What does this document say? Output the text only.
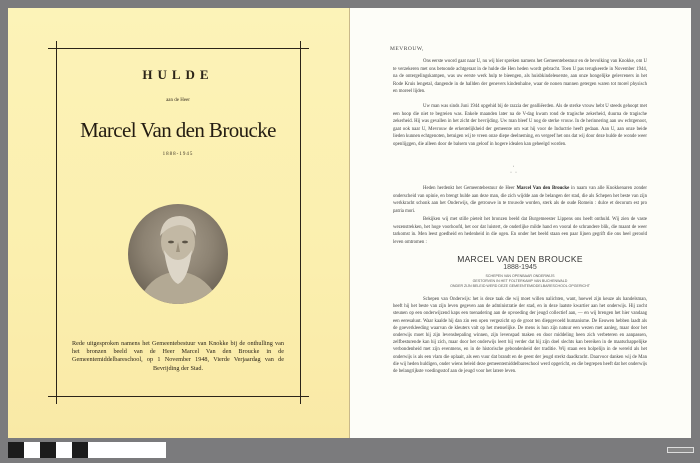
HULDE
aan de Heer
Marcel Van den Broucke
1888-1945
Rede uitgesproken namens het Gemeentebestuur van Knokke bij de onthulling van het bronzen beeld van de Heer Marcel Van den Broucke in de Gemeentemiddelbareschool, op 1 November 1948, Vierde Verjaardag van de Bevrijding der Stad.
MEVROUW,
Ons eerste woord gaat naar U, nu wij hier spreken namens het Gemeentebestuur en de bevolking van Knokke, om U te verzekeren met ons betoonde achtgeraat in de hulde die Hen heden wordt gebracht. Toen U pas terugkeerde in November 1944, na de ontergelingskampen, was uw eerste werk hulp te bieengen, als huisbkindeleuerste, aan onze hongelijke gelevreners in het Rode Kruis lengetal, dangende in de hallden der genevers kindenhalne, waar de nonen mannen getergen waren tot morel physisch en moreel lijden.
Uw man was sinds Juni 1944 opgehid bij de razzia der gealliëerden. Als de sterke vrouw hebt U steeds gehoopt met een hoop die niet te begreien was. Enkele maanden later na de V-dag kwam rond de tragische zekerheid, duurna de tragische zekerheid. Hij was gevallen in het zicht der bevrijding. Uw man bleef U nog de sterke vrouw. In de herinnering aan uw echtgenoot, gaat ook naar U, Mevrouw de erkentelijkheid der gemeente om wat hij voor de Inductrie heeft gedaan. Aan U, aan onze beide lieden kunnen echtgenoten, betuigen wij te vreen onze diepe deelneming, en vergeef het ons dat wij door deze hulde de wonde weer openlijggen, die alleen door de balsem van geloof in hogere idealen kan geheelgd worden.
·
·  ·
Heden herdenkt het Gemeentebestuur de Heer Marcel Van den Broucke in naam van alle Knokkenaren zonder onderscheid van opinie, en brengt hulde aan deze man, die zich wijdde aan de belangen der stad, die als Schepen het beste van zijn werkkracht schonk aan het Onderwijs, die getrouwe in te trouwde worden, sterk als de oude Romein : dulce et decorum est pro patria mori.
Bekijken wij met stille pieteit het bronzen beeld dat Burgemeester Lippens ons heeft onthuld. Wij zien de vaste wezenstrekken, het hoge voorhoofd, het oor dat luistert, de onderlijke milde hand en vooral de schrandere blik, die maant de weer tarkomst in. Men leest goedheid en hedenheid in die ogen. En onder het beeld staan een paar lijnen gegrift die ons heel geroold leven omtromen :
MARCEL VAN DEN BROUCKE
1888-1945
SCHEPEN VAN OPENBAAR ONDERWIJS
GESTORVEN IN HET FOLTERKAMP VAN BUCHENWALD
ONDER ZIJN BELEID WERD DEZE GEMEENTEMIDDELBARESCHOOL OPGERICHT
Schepen van Onderwijs: het is deze taak die wij moet willen nalichten, want, hoewel zijn keuze als handelsman, heeft hij het beste van zijn leven gegeven aan de administratie der stad, en in deze laatste kwartier aan het onderwijs. Hij zocht steunen op een onderwijzend kaps een toenadering aan de opvoeding der jeugd collectief aan, — en wij brengen het hier vandaag een eeresaluut. Waar kaalde hij dan zin een open vergezicht op de groot ten diepgevoeld humanisme. De Eeuwen hebben laadt als de goeverkleeding waarvan de kleuters valt op het menselijke. De mens is hun zijn natuur een wezen met aanleg, maar door het onderwijs moet hij zijn levensbepaling winnen, zijn levenspad maken en door middeling heen zich verbeteren en aanpassen, zelfbesturende kan hij zich, maar door het onderwijs leert hij verder dat hij zijn doel slechts kan bereiken in de maatschappelijke verbondenheid met zijn evenmens, en in de historische gebondenheid der traditie. Wij staan een holpelijn in de wereld als het onderwijs is als een vlam die oplaait, als een vuur dat brandt en de geest der jeugd sterkt daadkracht. Daarvoor danken wij de Man die wij heden huldigen, onder wiens beleid deze gemeentemiddelbareschool werd opgericht, en die begrepen heeft dat het onderwijs de belangrijkste voedingsstof aan de jeugd voor het latere leven.
